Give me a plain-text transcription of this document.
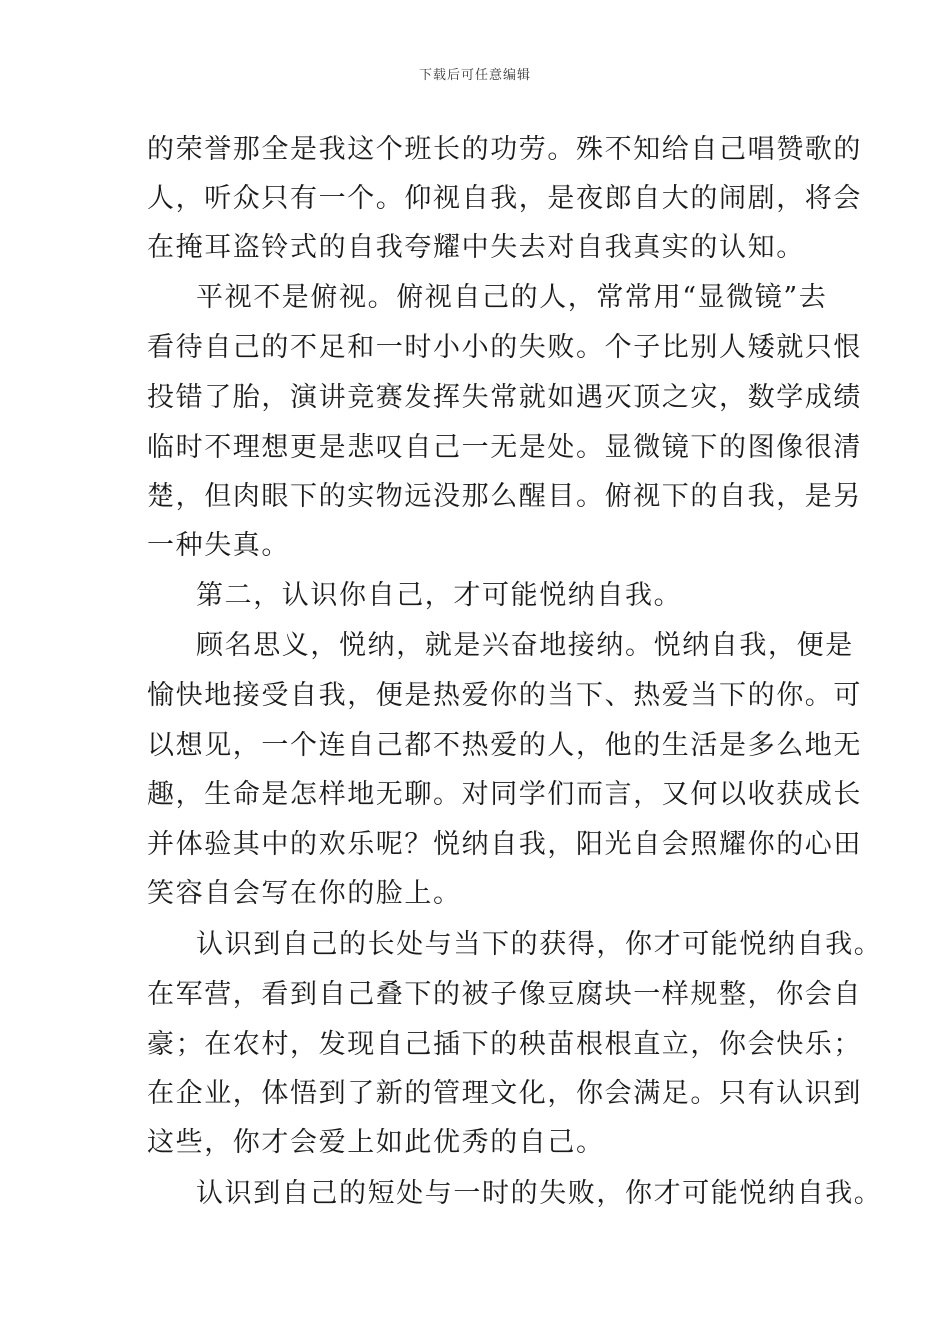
下载后可任意编辑
的荣誉那全是我这个班长的功劳。殊不知给自己唱赞歌的
人，听众只有一个。仰视自我，是夜郎自大的闹剧，将会
在掩耳盗铃式的自我夸耀中失去对自我真实的认知。
平视不是俯视。俯视自己的人，常常用“显微镜”去
看待自己的不足和一时小小的失败。个子比别人矮就只恨
投错了胎，演讲竞赛发挥失常就如遇灭顶之灾，数学成绩
临时不理想更是悲叹自己一无是处。显微镜下的图像很清
楚，但肉眼下的实物远没那么醒目。俯视下的自我，是另
一种失真。
第二，认识你自己，才可能悦纳自我。
顾名思义，悦纳，就是兴奋地接纳。悦纳自我，便是
愉快地接受自我，便是热爱你的当下、热爱当下的你。可
以想见，一个连自己都不热爱的人，他的生活是多么地无
趣，生命是怎样地无聊。对同学们而言，又何以收获成长
并体验其中的欢乐呢？悦纳自我，阳光自会照耀你的心田
笑容自会写在你的脸上。
认识到自己的长处与当下的获得，你才可能悦纳自我。
在军营，看到自己叠下的被子像豆腐块一样规整，你会自
豪；在农村，发现自己插下的秧苗根根直立，你会快乐；
在企业，体悟到了新的管理文化，你会满足。只有认识到
这些，你才会爱上如此优秀的自己。
认识到自己的短处与一时的失败，你才可能悦纳自我。
